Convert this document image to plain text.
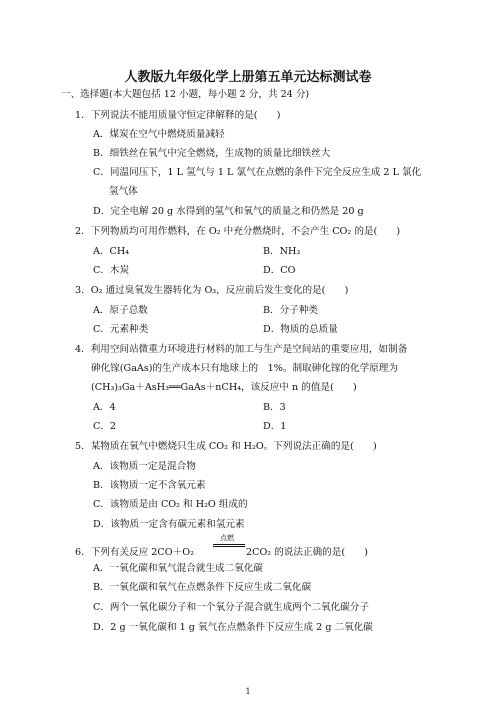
人教版九年级化学上册第五单元达标测试卷
一、选择题(本大题包括 12 小题，每小题 2 分，共 24 分)
1．下列说法不能用质量守恒定律解释的是(　　)
A．煤炭在空气中燃烧质量减轻
B．细铁丝在氧气中完全燃烧，生成物的质量比细铁丝大
C．同温同压下，1 L 氢气与 1 L 氯气在点燃的条件下完全反应生成 2 L 氯化
氢气体
D．完全电解 20 g 水得到的氢气和氧气的质量之和仍然是 20 g
2．下列物质均可用作燃料，在 O₂ 中充分燃烧时，不会产生 CO₂ 的是(　　)
A．CH₄	B．NH₃
C．木炭	D．CO
3．O₂ 通过臭氧发生器转化为 O₃，反应前后发生变化的是(　　)
A．原子总数	B．分子种类
C．元素种类	D．物质的总质量
4．利用空间站微重力环境进行材料的加工与生产是空间站的重要应用，如制备
砷化镓(GaAs)的生产成本只有地球上的　1%。制取砷化镓的化学原理为
(CH₃)₃Ga＋AsH₃══GaAs＋nCH₄，该反应中 n 的值是(　　)
A．4	B．3
C．2	D．1
5．某物质在氧气中燃烧只生成 CO₂ 和 H₂O。下列说法正确的是(　　)
A．该物质一定是混合物
B．该物质一定不含氧元素
C．该物质是由 CO₂ 和 H₂O 组成的
D．该物质一定含有碳元素和氢元素
6．下列有关反应 2CO＋O₂
点燃
2CO₂ 的说法正确的是(　　)
A．一氧化碳和氧气混合就生成二氧化碳
B．一氧化碳和氧气在点燃条件下反应生成二氧化碳
C．两个一氧化碳分子和一个氧分子混合就生成两个二氧化碳分子
D．2 g 一氧化碳和 1 g 氧气在点燃条件下反应生成 2 g 二氧化碳
1
